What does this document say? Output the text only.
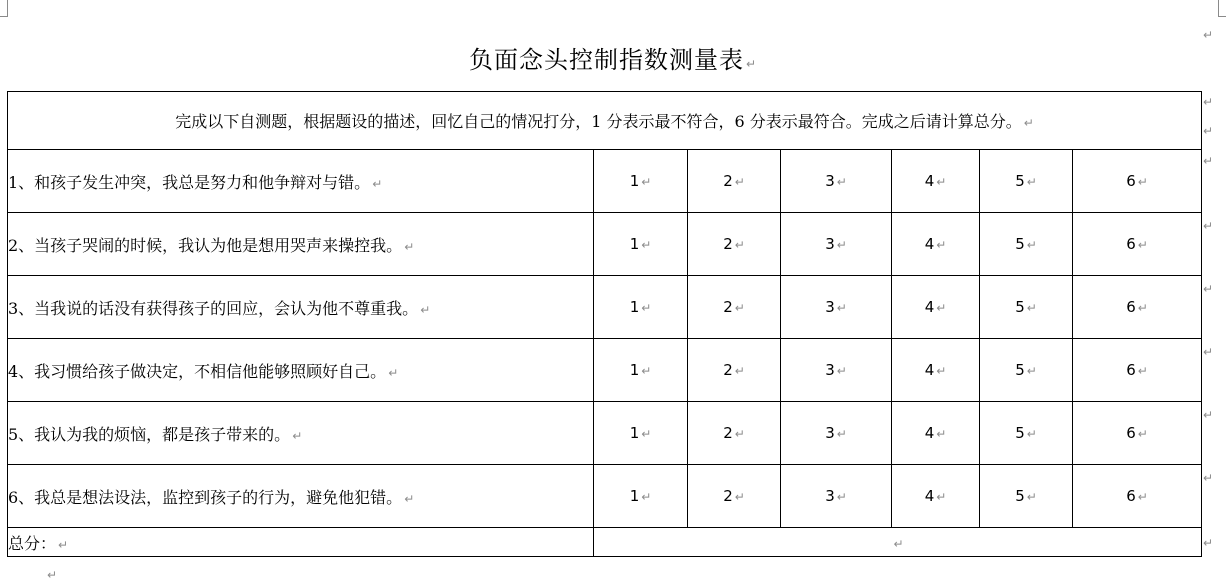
负面念头控制指数测量表 ↵
完成以下自测题，根据题设的描述，回忆自己的情况打分，1 分表示最不符合，6 分表示最符合。完成之后请计算总分。 ↵						
1、和孩子发生冲突，我总是努力和他争辩对与错。 ↵	1 ↵	2 ↵	3 ↵	4 ↵	5 ↵	6 ↵
2、当孩子哭闹的时候，我认为他是想用哭声来操控我。 ↵	1 ↵	2 ↵	3 ↵	4 ↵	5 ↵	6 ↵
3、当我说的话没有获得孩子的回应，会认为他不尊重我。 ↵	1 ↵	2 ↵	3 ↵	4 ↵	5 ↵	6 ↵
4、我习惯给孩子做决定，不相信他能够照顾好自己。 ↵	1 ↵	2 ↵	3 ↵	4 ↵	5 ↵	6 ↵
5、我认为我的烦恼，都是孩子带来的。 ↵	1 ↵	2 ↵	3 ↵	4 ↵	5 ↵	6 ↵
6、我总是想法设法，监控到孩子的行为，避免他犯错。 ↵	1 ↵	2 ↵	3 ↵	4 ↵	5 ↵	6 ↵
总分： ↵	↵					
↵
↵
↵
↵
↵
↵
↵
↵
↵
↵
↵
